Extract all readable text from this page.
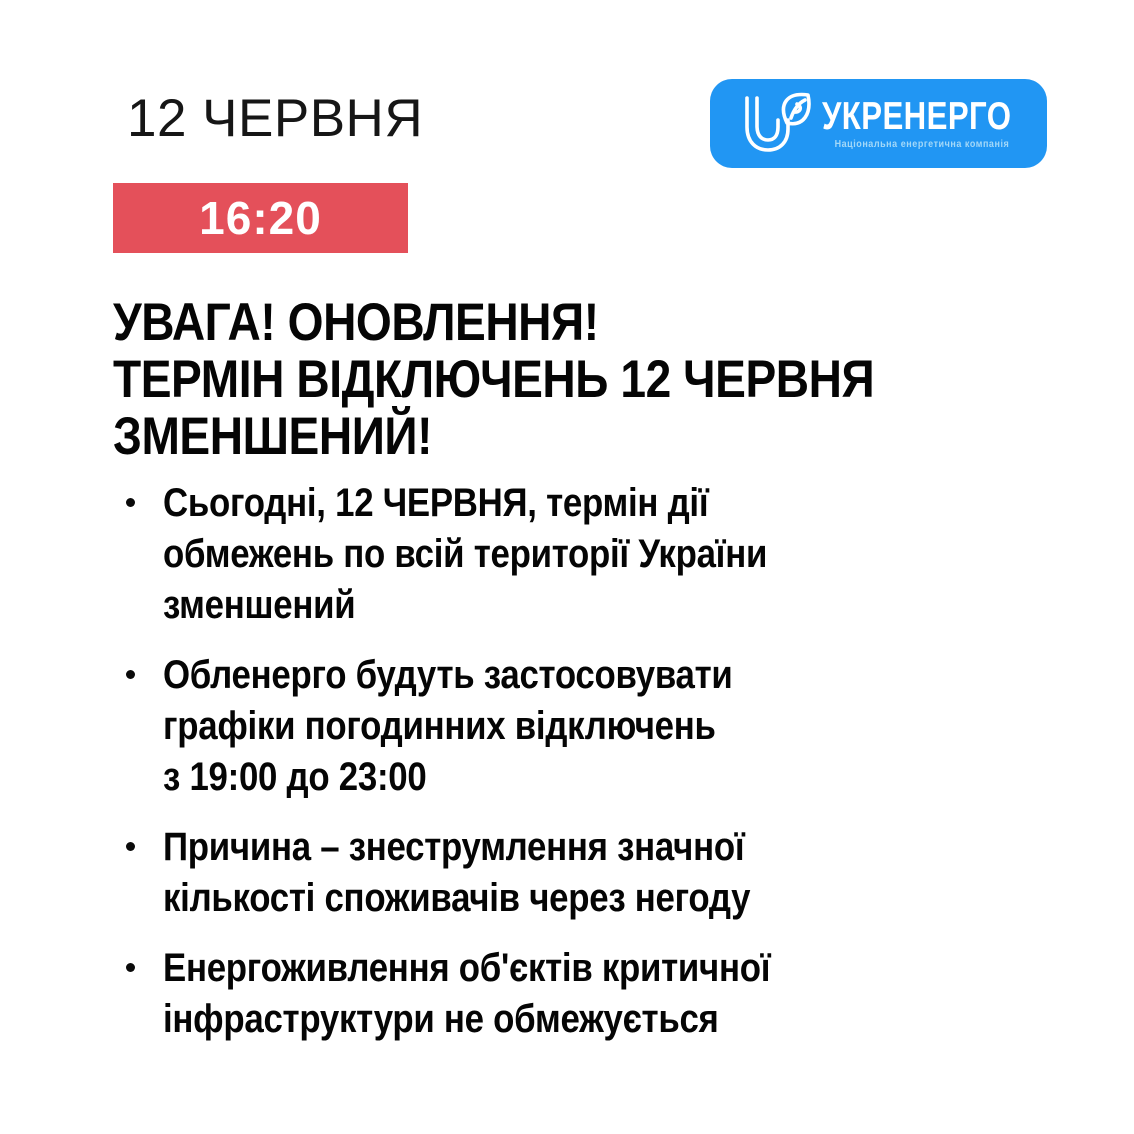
12 ЧЕРВНЯ	УКРЕНЕРГО
Національна енергетична компанія
16:20
УВАГА! ОНОВЛЕННЯ!
ТЕРМІН ВІДКЛЮЧЕНЬ 12 ЧЕРВНЯ
ЗМЕНШЕНИЙ!
Сьогодні, 12 ЧЕРВНЯ, термін дії
обмежень по всій території України
зменшений
Обленерго будуть застосовувати
графіки погодинних відключень
з 19:00 до 23:00
Причина – знеструмлення значної
кількості споживачів через негоду
Енергоживлення об'єктів критичної
інфраструктури не обмежується
